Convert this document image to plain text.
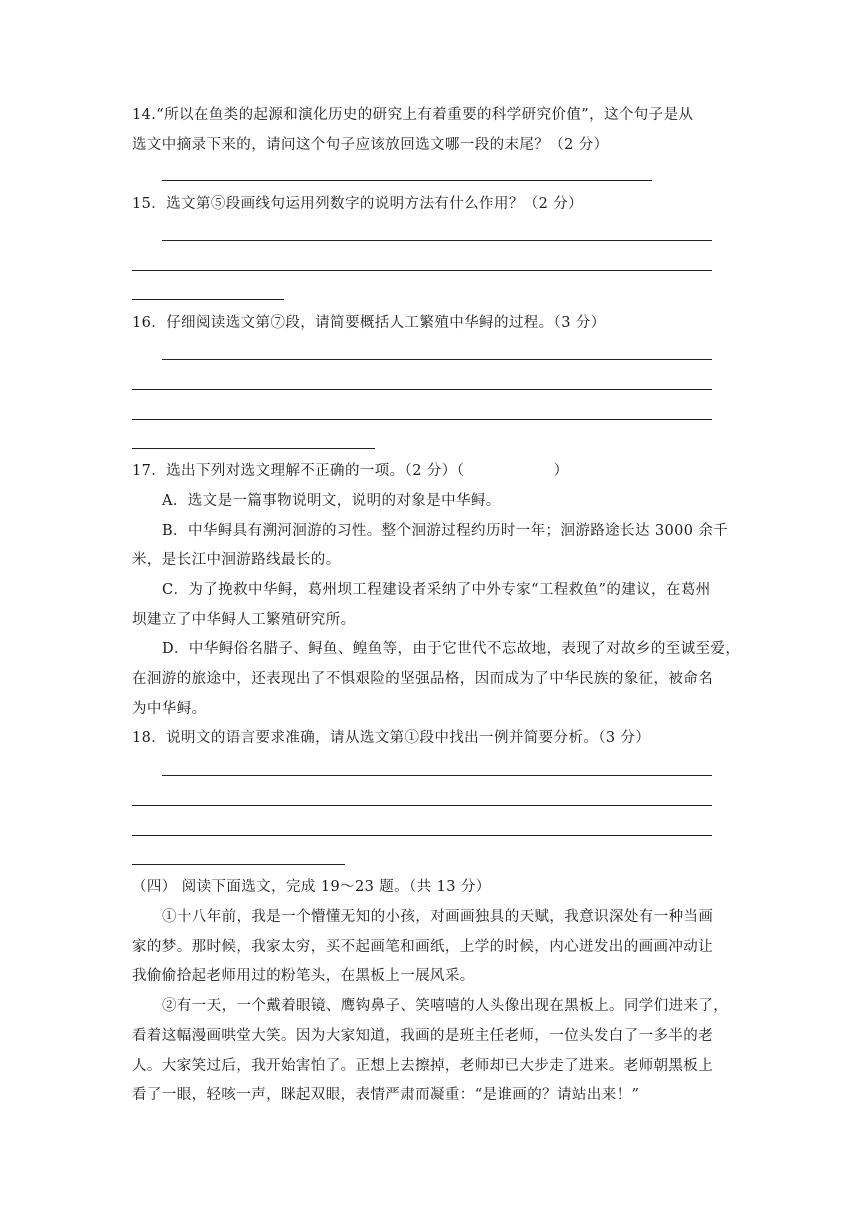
14.“所以在鱼类的起源和演化历史的研究上有着重要的科学研究价值”，这个句子是从
选文中摘录下来的，请问这个句子应该放回选文哪一段的末尾？（2 分）
15．选文第⑤段画线句运用列数字的说明方法有什么作用？（2 分）
16．仔细阅读选文第⑦段，请简要概括人工繁殖中华鲟的过程。（3 分）
17．选出下列对选文理解不正确的一项。（2 分）（　　　　　　）
A．选文是一篇事物说明文，说明的对象是中华鲟。
B．中华鲟具有溯河洄游的习性。整个洄游过程约历时一年；洄游路途长达 3000 余千
米，是长江中洄游路线最长的。
C．为了挽救中华鲟，葛州坝工程建设者采纳了中外专家“工程救鱼”的建议，在葛州
坝建立了中华鲟人工繁殖研究所。
D．中华鲟俗名腊子、鲟鱼、鳇鱼等，由于它世代不忘故地，表现了对故乡的至诚至爱，
在洄游的旅途中，还表现出了不惧艰险的坚强品格，因而成为了中华民族的象征，被命名
为中华鲟。
18．说明文的语言要求准确，请从选文第①段中找出一例并简要分析。（3 分）
（四） 阅读下面选文，完成 19～23 题。（共 13 分）
①十八年前，我是一个懵懂无知的小孩，对画画独具的天赋，我意识深处有一种当画
家的梦。那时候，我家太穷，买不起画笔和画纸，上学的时候，内心迸发出的画画冲动让
我偷偷拾起老师用过的粉笔头，在黑板上一展风采。
②有一天，一个戴着眼镜、鹰钩鼻子、笑嘻嘻的人头像出现在黑板上。同学们进来了，
看着这幅漫画哄堂大笑。因为大家知道，我画的是班主任老师，一位头发白了一多半的老
人。大家笑过后，我开始害怕了。正想上去擦掉，老师却已大步走了进来。老师朝黑板上
看了一眼，轻咳一声，眯起双眼，表情严肃而凝重：“是谁画的？请站出来！”
